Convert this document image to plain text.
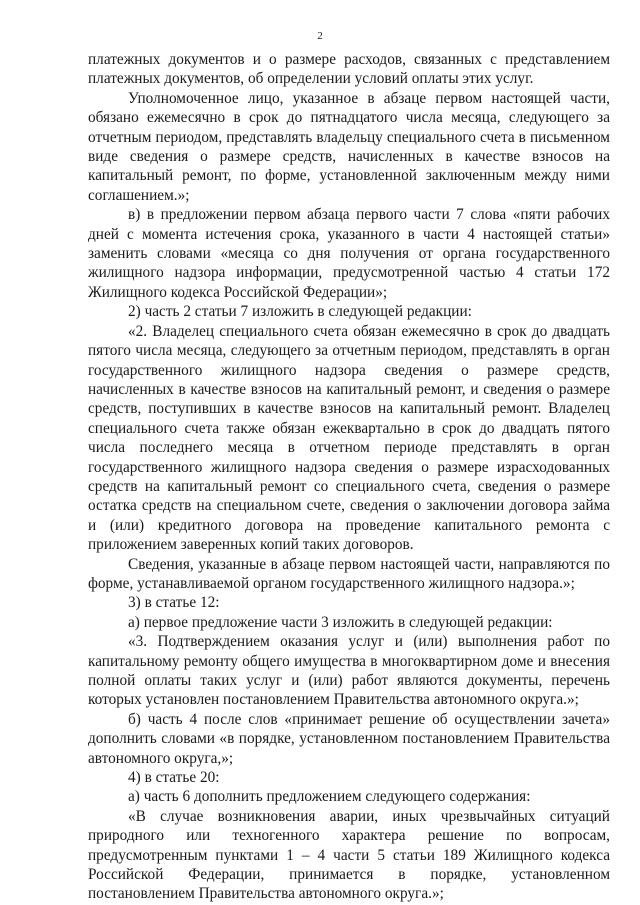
2

платежных документов и о размере расходов, связанных с представлением платежных документов, об определении условий оплаты этих услуг.

Уполномоченное лицо, указанное в абзаце первом настоящей части, обязано ежемесячно в срок до пятнадцатого числа месяца, следующего за отчетным периодом, представлять владельцу специального счета в письменном виде сведения о размере средств, начисленных в качестве взносов на капитальный ремонт, по форме, установленной заключенным между ними соглашением.»;

в) в предложении первом абзаца первого части 7 слова «пяти рабочих дней с момента истечения срока, указанного в части 4 настоящей статьи» заменить словами «месяца со дня получения от органа государственного жилищного надзора информации, предусмотренной частью 4 статьи 172 Жилищного кодекса Российской Федерации»;

2) часть 2 статьи 7 изложить в следующей редакции:

«2. Владелец специального счета обязан ежемесячно в срок до двадцать пятого числа месяца, следующего за отчетным периодом, представлять в орган государственного жилищного надзора сведения о размере средств, начисленных в качестве взносов на капитальный ремонт, и сведения о размере средств, поступивших в качестве взносов на капитальный ремонт. Владелец специального счета также обязан ежеквартально в срок до двадцать пятого числа последнего месяца в отчетном периоде представлять в орган государственного жилищного надзора сведения о размере израсходованных средств на капитальный ремонт со специального счета, сведения о размере остатка средств на специальном счете, сведения о заключении договора займа и (или) кредитного договора на проведение капитального ремонта с приложением заверенных копий таких договоров.

Сведения, указанные в абзаце первом настоящей части, направляются по форме, устанавливаемой органом государственного жилищного надзора.»;

3) в статье 12:

а) первое предложение части 3 изложить в следующей редакции:

«3. Подтверждением оказания услуг и (или) выполнения работ по капитальному ремонту общего имущества в многоквартирном доме и внесения полной оплаты таких услуг и (или) работ являются документы, перечень которых установлен постановлением Правительства автономного округа.»;

б) часть 4 после слов «принимает решение об осуществлении зачета» дополнить словами «в порядке, установленном постановлением Правительства автономного округа,»;

4) в статье 20:

а) часть 6 дополнить предложением следующего содержания:

«В случае возникновения аварии, иных чрезвычайных ситуаций природного или техногенного характера решение по вопросам, предусмотренным пунктами 1 – 4 части 5 статьи 189 Жилищного кодекса Российской Федерации, принимается в порядке, установленном постановлением Правительства автономного округа.»;
